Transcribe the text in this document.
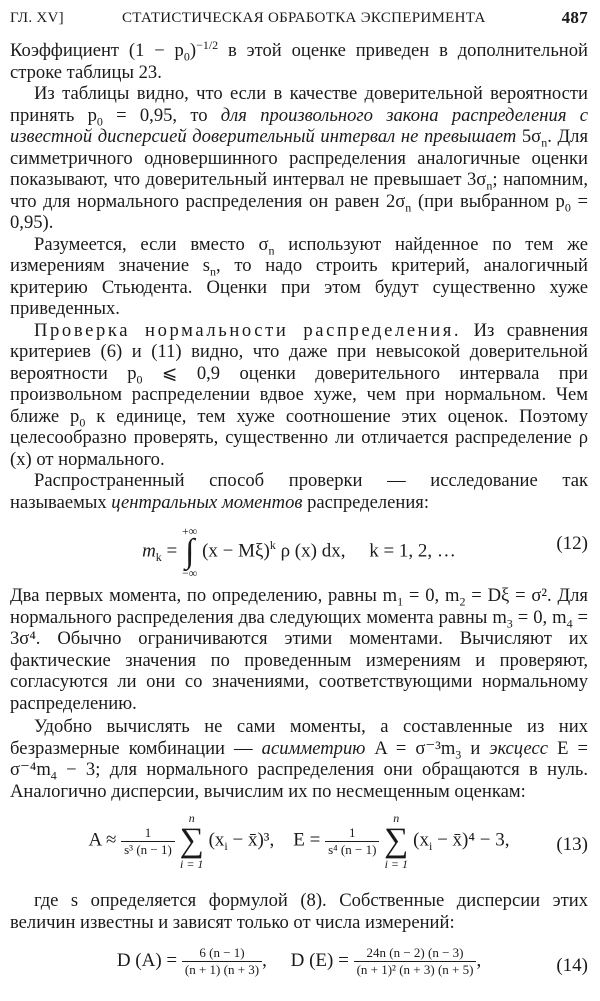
ГЛ. XV]	СТАТИСТИЧЕСКАЯ ОБРАБОТКА ЭКСПЕРИМЕНТА	487

Коэффициент $(1 - p_0)^{-1/2}$ в этой оценке приведен в дополнительной строке таблицы 23.

Из таблицы видно, что если в качестве доверительной вероятности принять $p_0 = 0,95$, то для произвольного закона распределения с известной дисперсией доверительный интервал не превышает $5\sigma_n$. Для симметричного одновершинного распределения аналогичные оценки показывают, что доверительный интервал не превышает $3\sigma_n$; напомним, что для нормального распределения он равен $2\sigma_n$ (при выбранном $p_0 = 0,95$).

Разумеется, если вместо $\sigma_n$ используют найденное по тем же измерениям значение $s_n$, то надо строить критерий, аналогичный критерию Стьюдента. Оценки при этом будут существенно хуже приведенных.

Проверка нормальности распределения. Из сравнения критериев (6) и (11) видно, что даже при невысокой доверительной вероятности $p_0$ ⩽ 0,9 оценки доверительного интервала при произвольном распределении вдвое хуже, чем при нормальном. Чем ближе $p_0$ к единице, тем хуже соотношение этих оценок. Поэтому целесообразно проверять, существенно ли отличается распределение ρ (x) от нормального.

Распространенный способ проверки — исследование так называемых центральных моментов распределения:

$m_k$ =
+∞
∫
−∞
$(x - M\xi)^k$ ρ (x) dx, k = 1, 2, …	(12)

Два первых момента, по определению, равны $m_1 = 0$, $m_2 = D\xi = \sigma^2$. Для нормального распределения два следующих момента равны $m_3 = 0$, $m_4 = 3\sigma^4$. Обычно ограничиваются этими моментами. Вычисляют их фактические значения по проведенным измерениям и проверяют, согласуются ли они со значениями, соответствующими нормальному распределению.

Удобно вычислять не сами моменты, а составленные из них безразмерные комбинации — асимметрию $A = \sigma^{-3}m_3$ и эксцесс $E = \sigma^{-4}m_4 - 3$; для нормального распределения они обращаются в нуль. Аналогично дисперсии, вычислим их по несмещенным оценкам:

$A \approx \frac{1}{\text{s³ (n − 1)}}$

n
∑
i = 1
($x_i$ − x̄)³, $E = \frac{1}{\text{s⁴ (n − 1)}}$

n
∑
i = 1
($x_i$ − x̄)⁴ − 3,	(13)

где s определяется формулой (8). Собственные дисперсии этих величин известны и зависят только от числа измерений:

D $(A) = \frac{6 (n - 1)}{(n + 1) (n + 3)}$ , D $(E) = \frac{24n (n - 2) (n - 3)}{\text{(n + 1)² (n + 3) (n + 5)}}$ ,	(14)
